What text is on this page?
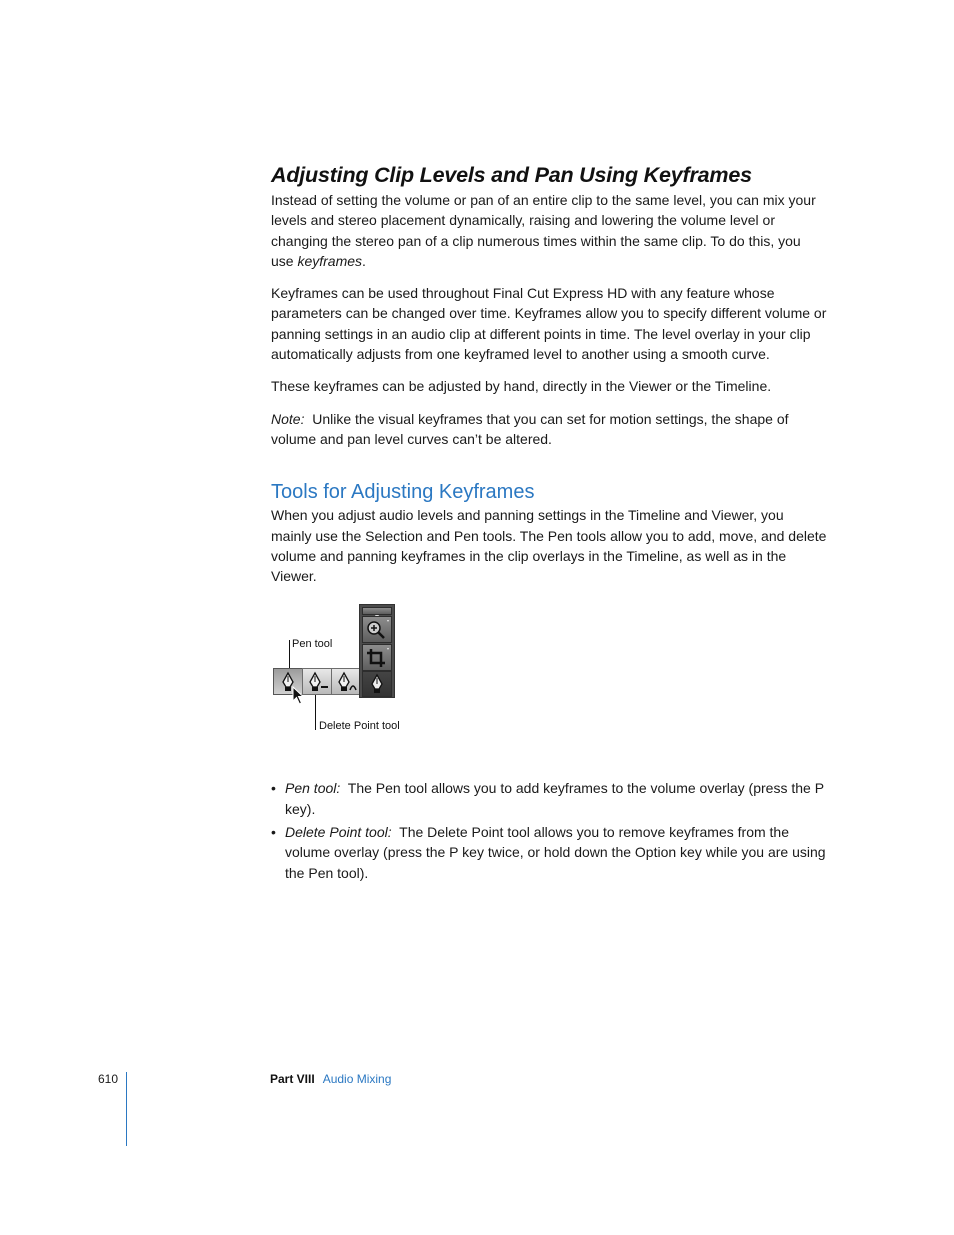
Adjusting Clip Levels and Pan Using Keyframes

Instead of setting the volume or pan of an entire clip to the same level, you can mix your levels and stereo placement dynamically, raising and lowering the volume level or changing the stereo pan of a clip numerous times within the same clip. To do this, you use keyframes.

Keyframes can be used throughout Final Cut Express HD with any feature whose parameters can be changed over time. Keyframes allow you to specify different volume or panning settings in an audio clip at different points in time. The level overlay in your clip automatically adjusts from one keyframed level to another using a smooth curve.

These keyframes can be adjusted by hand, directly in the Viewer or the Timeline.

Note: Unlike the visual keyframes that you can set for motion settings, the shape of volume and pan level curves can’t be altered.

Tools for Adjusting Keyframes

When you adjust audio levels and panning settings in the Timeline and Viewer, you mainly use the Selection and Pen tools. The Pen tools allow you to add, move, and delete volume and panning keyframes in the clip overlays in the Timeline, as well as in the Viewer.

Pen tool
Delete Point tool
• Pen tool: The Pen tool allows you to add keyframes to the volume overlay (press the P key).
• Delete Point tool: The Delete Point tool allows you to remove keyframes from the volume overlay (press the P key twice, or hold down the Option key while you are using the Pen tool).
610	Part VIII Audio Mixing
